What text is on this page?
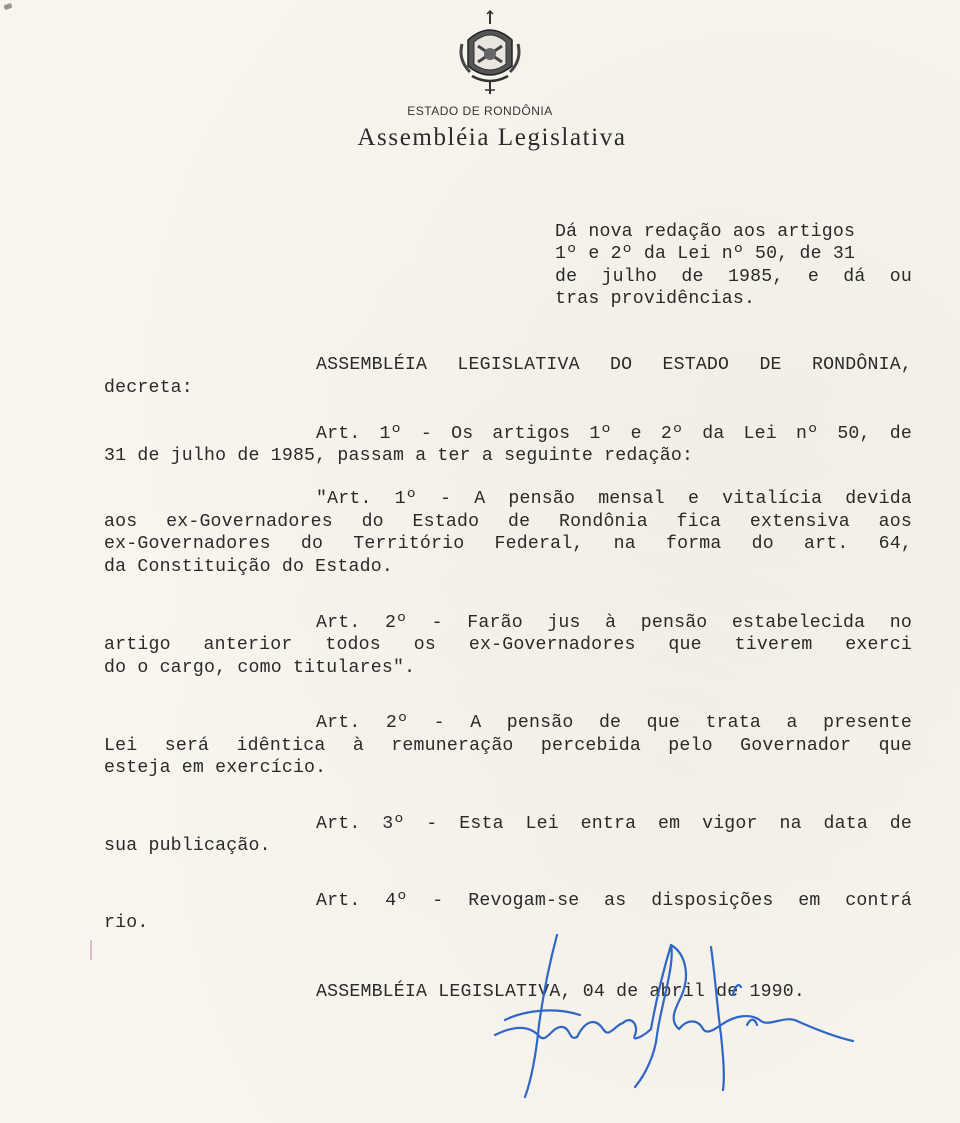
ESTADO DE RONDÔNIA
Assembléia Legislativa
Dá nova redação aos artigos
1º e 2º da Lei nº 50, de 31
de julho de 1985, e dá ou
tras providências.
ASSEMBLÉIA LEGISLATIVA DO ESTADO DE RONDÔNIA,
decreta:
Art. 1º - Os artigos 1º e 2º da Lei nº 50, de
31 de julho de 1985, passam a ter a seguinte redação:
"Art. 1º - A pensão mensal e vitalícia devida
aos ex-Governadores do Estado de Rondônia fica extensiva aos
ex-Governadores do Território Federal, na forma do art. 64,
da Constituição do Estado.
Art. 2º - Farão jus à pensão estabelecida no
artigo anterior todos os ex-Governadores que tiverem exerci
do o cargo, como titulares".
Art. 2º - A pensão de que trata a presente
Lei será idêntica à remuneração percebida pelo Governador que
esteja em exercício.
Art. 3º - Esta Lei entra em vigor na data de
sua publicação.
Art. 4º - Revogam-se as disposições em contrá
rio.
ASSEMBLÉIA LEGISLATIVA, 04 de abril de 1990.
